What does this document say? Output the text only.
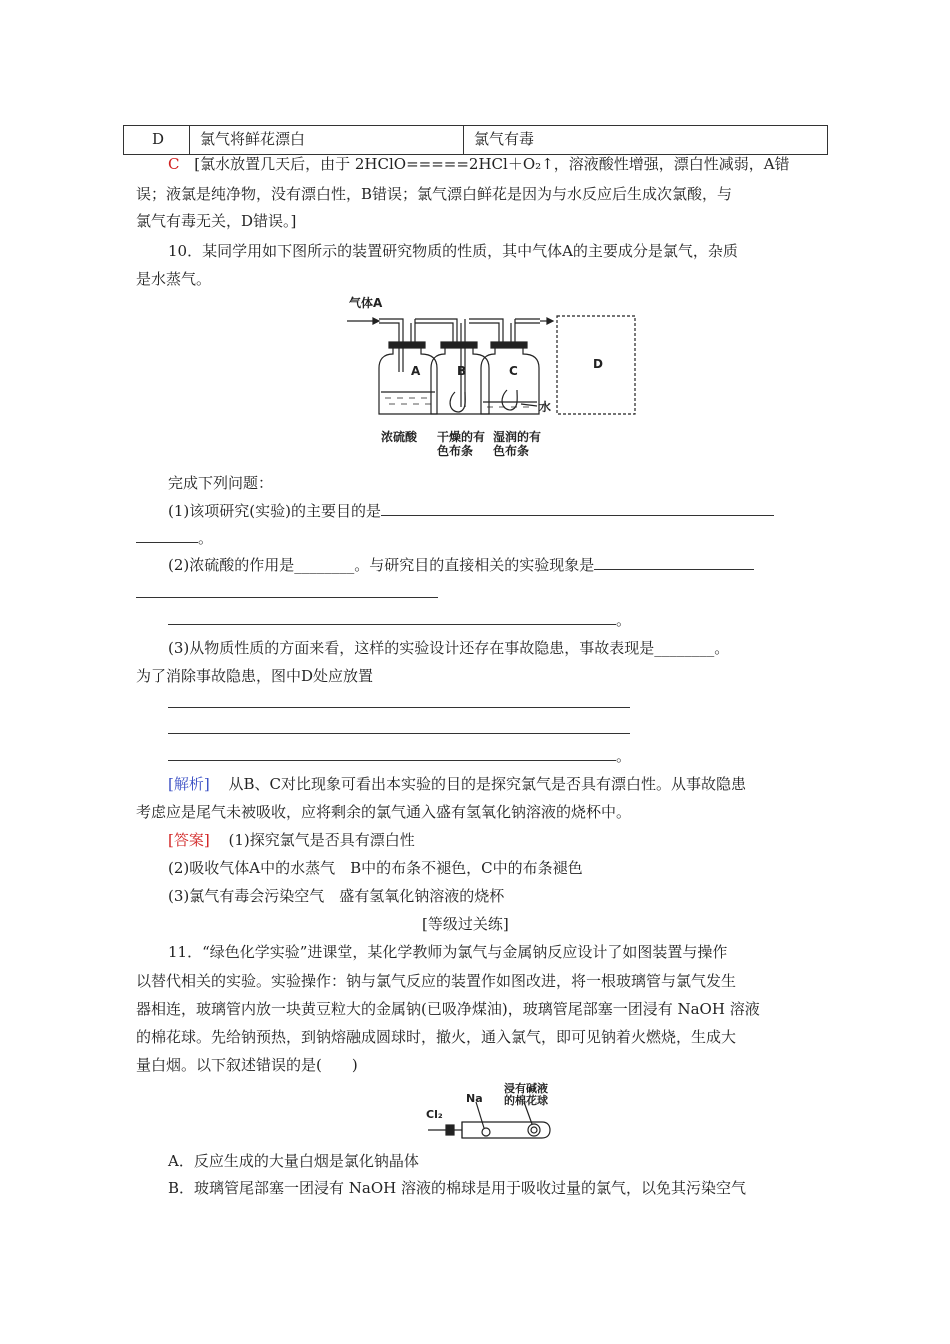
D 氯气将鲜花漂白	氯气有毒
C [氯水放置几天后，由于 2HClO=====2HCl＋O₂↑，溶液酸性增强，漂白性减弱，A错
误；液氯是纯净物，没有漂白性，B错误；氯气漂白鲜花是因为与水反应后生成次氯酸，与
氯气有毒无关，D错误。]
10．某同学用如下图所示的装置研究物质的性质，其中气体A的主要成分是氯气，杂质
是水蒸气。
气体A
A	B	C	D
水
浓硫酸 干燥的有
色布条
湿润的有
色布条
完成下列问题：
(1)该项研究(实验)的主要目的是
。
(2)浓硫酸的作用是________。与研究目的直接相关的实验现象是
。
(3)从物质性质的方面来看，这样的实验设计还存在事故隐患，事故表现是________。
为了消除事故隐患，图中D处应放置
。
[解析] 从B、C对比现象可看出本实验的目的是探究氯气是否具有漂白性。从事故隐患
考虑应是尾气未被吸收，应将剩余的氯气通入盛有氢氧化钠溶液的烧杯中。
[答案] (1)探究氯气是否具有漂白性
(2)吸收气体A中的水蒸气　B中的布条不褪色，C中的布条褪色
(3)氯气有毒会污染空气　盛有氢氧化钠溶液的烧杯
[等级过关练]
11．“绿色化学实验”进课堂，某化学教师为氯气与金属钠反应设计了如图装置与操作
以替代相关的实验。实验操作：钠与氯气反应的装置作如图改进，将一根玻璃管与氯气发生
器相连，玻璃管内放一块黄豆粒大的金属钠(已吸净煤油)，玻璃管尾部塞一团浸有 NaOH 溶液
的棉花球。先给钠预热，到钠熔融成圆球时，撤火，通入氯气，即可见钠着火燃烧，生成大
量白烟。以下叙述错误的是(　　)
Cl₂
Na
浸有碱液
的棉花球
A．反应生成的大量白烟是氯化钠晶体
B．玻璃管尾部塞一团浸有 NaOH 溶液的棉球是用于吸收过量的氯气，以免其污染空气
